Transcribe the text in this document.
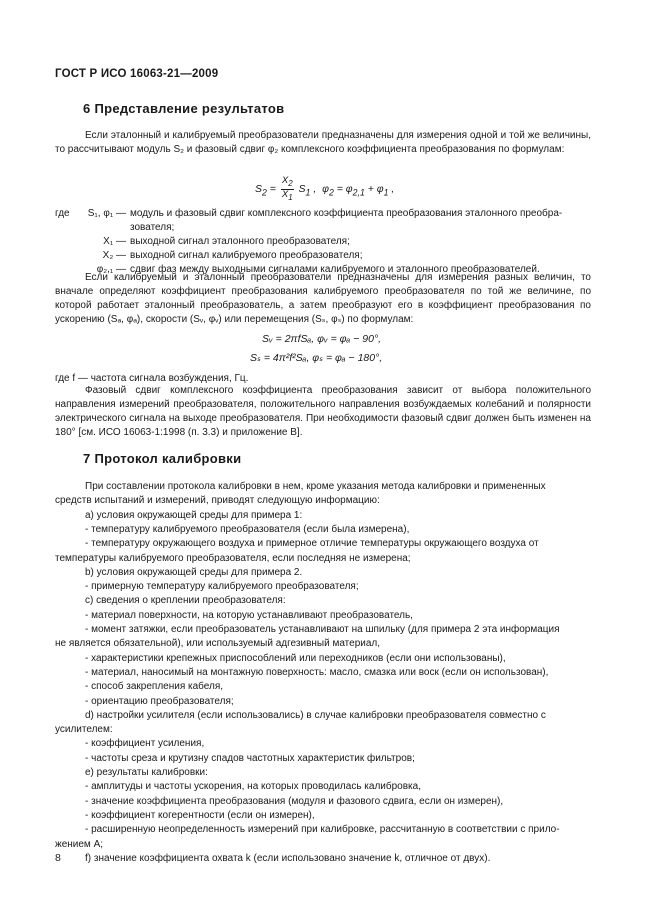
ГОСТ Р ИСО 16063-21—2009
6 Представление результатов
Если эталонный и калибруемый преобразователи предназначены для измерения одной и той же величины, то рассчитывают модуль S₂ и фазовый сдвиг φ₂ комплексного коэффициента преобразования по формулам:
$S_2 = \frac{X_2}{X_1} S_1$ ,  $\varphi_2 = \varphi_{2,1} + \varphi_1$ ,
где	S₁, φ₁ — модуль и фазовый сдвиг комплексного коэффициента преобразования эталонного преобра-
зователя;
X₁ — выходной сигнал эталонного преобразователя;
X₂ — выходной сигнал калибруемого преобразователя;
φ₂,₁ — сдвиг фаз между выходными сигналами калибруемого и эталонного преобразователей.
Если калибруемый и эталонный преобразователи предназначены для измерения разных величин, то вначале определяют коэффициент преобразования калибруемого преобразователя по той же величине, по которой работает эталонный преобразователь, а затем преобразуют его в коэффициент преобразования по ускорению (Sₐ, φₐ), скорости (Sᵥ, φᵥ) или перемещения (Sₛ, φₛ) по формулам:
Sᵥ = 2πfSₐ, φᵥ = φₐ − 90°,
Sₛ = 4π²f²Sₐ, φₛ = φₐ − 180°,
где f — частота сигнала возбуждения, Гц.
Фазовый сдвиг комплексного коэффициента преобразования зависит от выбора положительного направления измерений преобразователя, положительного направления возбуждаемых колебаний и полярности электрического сигнала на выходе преобразователя. При необходимости фазовый сдвиг должен быть изменен на 180° [см. ИСО 16063-1:1998 (п. 3.3) и приложение В].
7 Протокол калибровки
При составлении протокола калибровки в нем, кроме указания метода калибровки и примененных
средств испытаний и измерений, приводят следующую информацию:
а) условия окружающей среды для примера 1:
- температуру калибруемого преобразователя (если была измерена),
- температуру окружающего воздуха и примерное отличие температуры окружающего воздуха от
температуры калибруемого преобразователя, если последняя не измерена;
b) условия окружающей среды для примера 2.
- примерную температуру калибруемого преобразователя;
c) сведения о креплении преобразователя:
- материал поверхности, на которую устанавливают преобразователь,
- момент затяжки, если преобразователь устанавливают на шпильку (для примера 2 эта информация
не является обязательной), или используемый адгезивный материал,
- характеристики крепежных приспособлений или переходников (если они использованы),
- материал, наносимый на монтажную поверхность: масло, смазка или воск (если он использован),
- способ закрепления кабеля,
- ориентацию преобразователя;
d) настройки усилителя (если использовались) в случае калибровки преобразователя совместно с
усилителем:
- коэффициент усиления,
- частоты среза и крутизну спадов частотных характеристик фильтров;
e) результаты калибровки:
- амплитуды и частоты ускорения, на которых проводилась калибровка,
- значение коэффициента преобразования (модуля и фазового сдвига, если он измерен),
- коэффициент когерентности (если он измерен),
- расширенную неопределенность измерений при калибровке, рассчитанную в соответствии с прило-
жением А;
f) значение коэффициента охвата k (если использовано значение k, отличное от двух).
8
